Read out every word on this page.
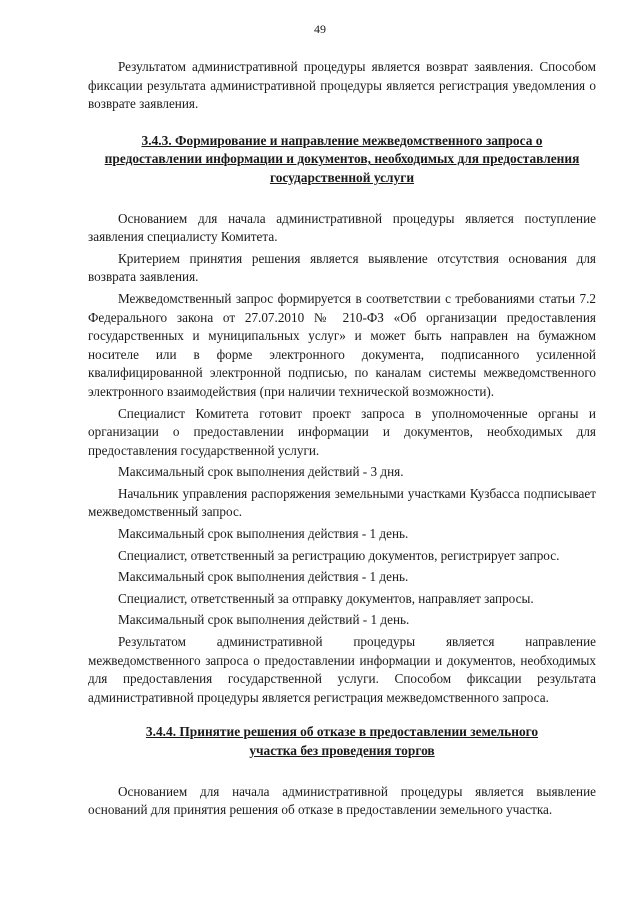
49

Результатом административной процедуры является возврат заявления. Способом фиксации результата административной процедуры является регистрация уведомления о возврате заявления.

3.4.3. Формирование и направление межведомственного запроса о предоставлении информации и документов, необходимых для предоставления государственной услуги

Основанием для начала административной процедуры является поступление заявления специалисту Комитета.

Критерием принятия решения является выявление отсутствия основания для возврата заявления.

Межведомственный запрос формируется в соответствии с требованиями статьи 7.2 Федерального закона от 27.07.2010 № 210-ФЗ «Об организации предоставления государственных и муниципальных услуг» и может быть направлен на бумажном носителе или в форме электронного документа, подписанного усиленной квалифицированной электронной подписью, по каналам системы межведомственного электронного взаимодействия (при наличии технической возможности).

Специалист Комитета готовит проект запроса в уполномоченные органы и организации о предоставлении информации и документов, необходимых для предоставления государственной услуги.

Максимальный срок выполнения действий - 3 дня.

Начальник управления распоряжения земельными участками Кузбасса подписывает межведомственный запрос.

Максимальный срок выполнения действия - 1 день.

Специалист, ответственный за регистрацию документов, регистрирует запрос.

Максимальный срок выполнения действия - 1 день.

Специалист, ответственный за отправку документов, направляет запросы.

Максимальный срок выполнения действий - 1 день.

Результатом административной процедуры является направление межведомственного запроса о предоставлении информации и документов, необходимых для предоставления государственной услуги. Способом фиксации результата административной процедуры является регистрация межведомственного запроса.

3.4.4. Принятие решения об отказе в предоставлении земельного участка без проведения торгов

Основанием для начала административной процедуры является выявление оснований для принятия решения об отказе в предоставлении земельного участка.
